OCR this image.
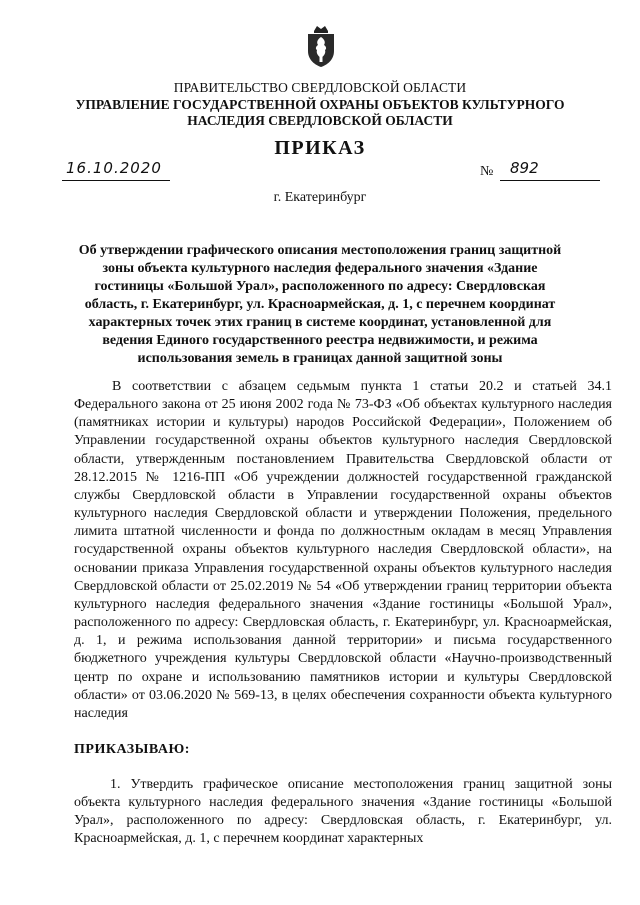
ПРАВИТЕЛЬСТВО СВЕРДЛОВСКОЙ ОБЛАСТИ
УПРАВЛЕНИЕ ГОСУДАРСТВЕННОЙ ОХРАНЫ ОБЪЕКТОВ КУЛЬТУРНОГО НАСЛЕДИЯ СВЕРДЛОВСКОЙ ОБЛАСТИ
ПРИКАЗ
16.10.2020	№ 892
г. Екатеринбург
Об утверждении графического описания местоположения границ защитной зоны объекта культурного наследия федерального значения «Здание гостиницы «Большой Урал», расположенного по адресу: Свердловская область, г. Екатеринбург, ул. Красноармейская, д. 1, с перечнем координат характерных точек этих границ в системе координат, установленной для ведения Единого государственного реестра недвижимости, и режима использования земель в границах данной защитной зоны
В соответствии с абзацем седьмым пункта 1 статьи 20.2 и статьей 34.1 Федерального закона от 25 июня 2002 года № 73-ФЗ «Об объектах культурного наследия (памятниках истории и культуры) народов Российской Федерации», Положением об Управлении государственной охраны объектов культурного наследия Свердловской области, утвержденным постановлением Правительства Свердловской области от 28.12.2015 № 1216-ПП «Об учреждении должностей государственной гражданской службы Свердловской области в Управлении государственной охраны объектов культурного наследия Свердловской области и утверждении Положения, предельного лимита штатной численности и фонда по должностным окладам в месяц Управления государственной охраны объектов культурного наследия Свердловской области», на основании приказа Управления государственной охраны объектов культурного наследия Свердловской области от 25.02.2019 № 54 «Об утверждении границ территории объекта культурного наследия федерального значения «Здание гостиницы «Большой Урал», расположенного по адресу: Свердловская область, г. Екатеринбург, ул. Красноармейская, д. 1, и режима использования данной территории» и письма государственного бюджетного учреждения культуры Свердловской области «Научно-производственный центр по охране и использованию памятников истории и культуры Свердловской области» от 03.06.2020 № 569-13, в целях обеспечения сохранности объекта культурного наследия
ПРИКАЗЫВАЮ:
1. Утвердить графическое описание местоположения границ защитной зоны объекта культурного наследия федерального значения «Здание гостиницы «Большой Урал», расположенного по адресу: Свердловская область, г. Екатеринбург, ул. Красноармейская, д. 1, с перечнем координат характерных
